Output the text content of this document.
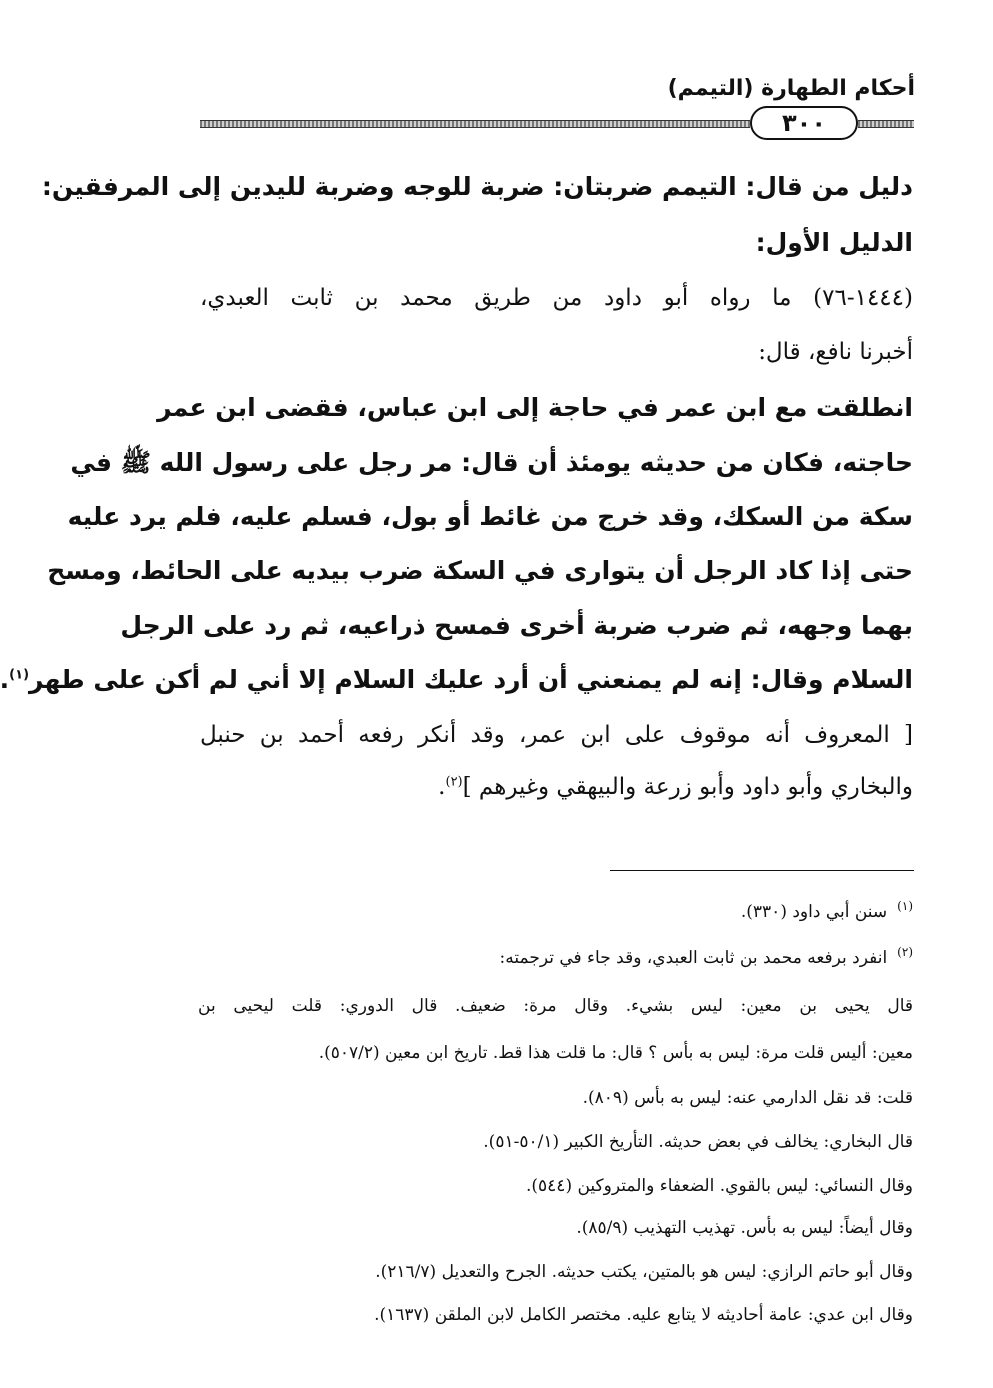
أحكام الطهارة (التيمم)
٣٠٠
دليل من قال: التيمم ضربتان: ضربة للوجه وضربة لليدين إلى المرفقين:
الدليل الأول:
(١٤٤٤-٧٦) ما رواه أبو داود من طريق محمد بن ثابت العبدي،
أخبرنا نافع، قال:
انطلقت مع ابن عمر في حاجة إلى ابن عباس، فقضى ابن عمر
حاجته، فكان من حديثه يومئذ أن قال: مر رجل على رسول الله ﷺ في
سكة من السكك، وقد خرج من غائط أو بول، فسلم عليه، فلم يرد عليه
حتى إذا كاد الرجل أن يتوارى في السكة ضرب بيديه على الحائط، ومسح
بهما وجهه، ثم ضرب ضربة أخرى فمسح ذراعيه، ثم رد على الرجل
السلام وقال: إنه لم يمنعني أن أرد عليك السلام إلا أني لم أكن على طهر$^{(١)}$.
[ المعروف أنه موقوف على ابن عمر، وقد أنكر رفعه أحمد بن حنبل
والبخاري وأبو داود وأبو زرعة والبيهقي وغيرهم ]$^{(٢)}$.
$^{(١)}$سنن أبي داود (٣٣٠).
$^{(٢)}$انفرد برفعه محمد بن ثابت العبدي، وقد جاء في ترجمته:
قال يحيى بن معين: ليس بشيء. وقال مرة: ضعيف. قال الدوري: قلت ليحيى بن
معين: أليس قلت مرة: ليس به بأس ؟ قال: ما قلت هذا قط. تاريخ ابن معين (٥٠٧/٢).
قلت: قد نقل الدارمي عنه: ليس به بأس (٨٠٩).
قال البخاري: يخالف في بعض حديثه. التأريخ الكبير (٥٠/١-٥١).
وقال النسائي: ليس بالقوي. الضعفاء والمتروكين (٥٤٤).
وقال أيضاً: ليس به بأس. تهذيب التهذيب (٨٥/٩).
وقال أبو حاتم الرازي: ليس هو بالمتين، يكتب حديثه. الجرح والتعديل (٢١٦/٧).
وقال ابن عدي: عامة أحاديثه لا يتابع عليه. مختصر الكامل لابن الملقن (١٦٣٧).
